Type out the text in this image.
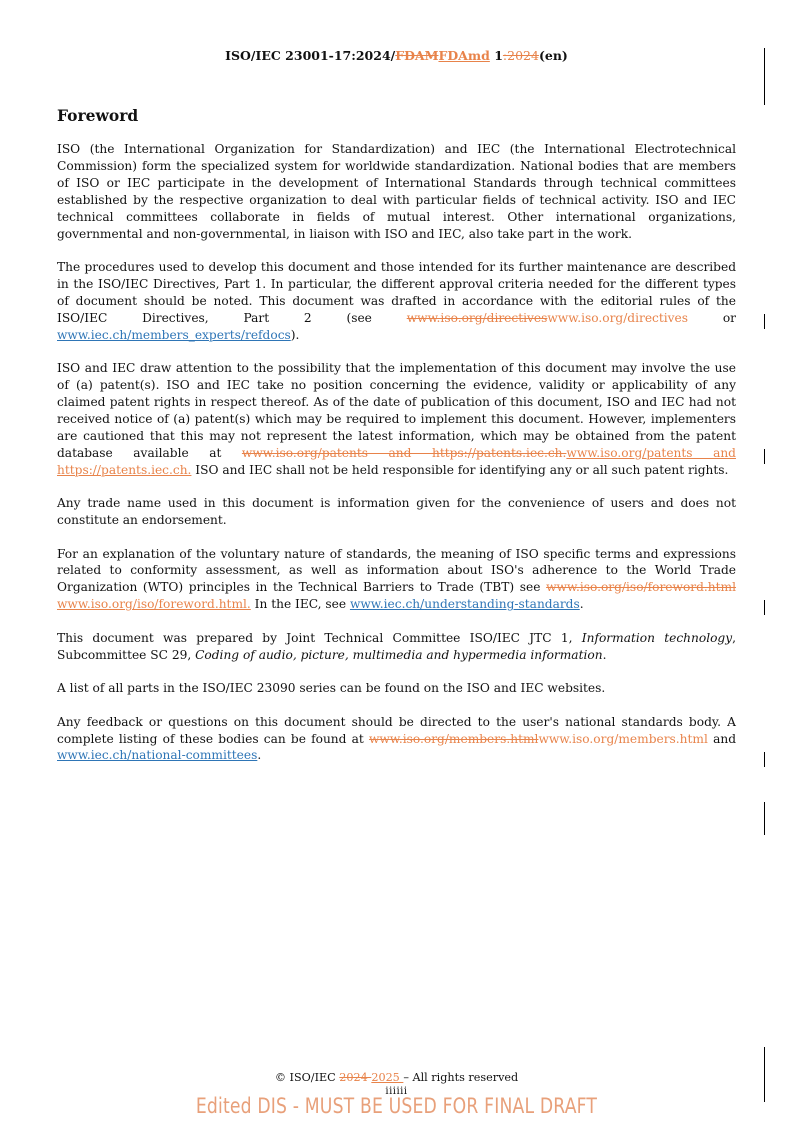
ISO/IEC 23001-17:2024/FDAMFDAmd 1:2024(en)
Foreword

ISO (the International Organization for Standardization) and IEC (the International Electrotechnical Commission) form the specialized system for worldwide standardization. National bodies that are members of ISO or IEC participate in the development of International Standards through technical committees established by the respective organization to deal with particular fields of technical activity. ISO and IEC technical committees collaborate in fields of mutual interest. Other international organizations, governmental and non-governmental, in liaison with ISO and IEC, also take part in the work.

The procedures used to develop this document and those intended for its further maintenance are described in the ISO/IEC Directives, Part 1. In particular, the different approval criteria needed for the different types of document should be noted. This document was drafted in accordance with the editorial rules of the ISO/IEC Directives, Part 2 (see www.iso.org/directiveswww.iso.org/directives or www.iec.ch/members_experts/refdocs).

ISO and IEC draw attention to the possibility that the implementation of this document may involve the use of (a) patent(s). ISO and IEC take no position concerning the evidence, validity or applicability of any claimed patent rights in respect thereof. As of the date of publication of this document, ISO and IEC had not received notice of (a) patent(s) which may be required to implement this document. However, implementers are cautioned that this may not represent the latest information, which may be obtained from the patent database available at www.iso.org/patents and https://patents.iec.ch.www.iso.org/patents and https://patents.iec.ch. ISO and IEC shall not be held responsible for identifying any or all such patent rights.

Any trade name used in this document is information given for the convenience of users and does not constitute an endorsement.

For an explanation of the voluntary nature of standards, the meaning of ISO specific terms and expressions related to conformity assessment, as well as information about ISO's adherence to the World Trade Organization (WTO) principles in the Technical Barriers to Trade (TBT) see www.iso.org/iso/foreword.html www.iso.org/iso/foreword.html. In the IEC, see www.iec.ch/understanding-standards.

This document was prepared by Joint Technical Committee ISO/IEC JTC 1, Information technology, Subcommittee SC 29, Coding of audio, picture, multimedia and hypermedia information.

A list of all parts in the ISO/IEC 23090 series can be found on the ISO and IEC websites.

Any feedback or questions on this document should be directed to the user's national standards body. A complete listing of these bodies can be found at www.iso.org/members.htmlwww.iso.org/members.html and www.iec.ch/national-committees.

© ISO/IEC 2024 2025 – All rights reserved
iiiiii
Edited DIS - MUST BE USED FOR FINAL DRAFT
